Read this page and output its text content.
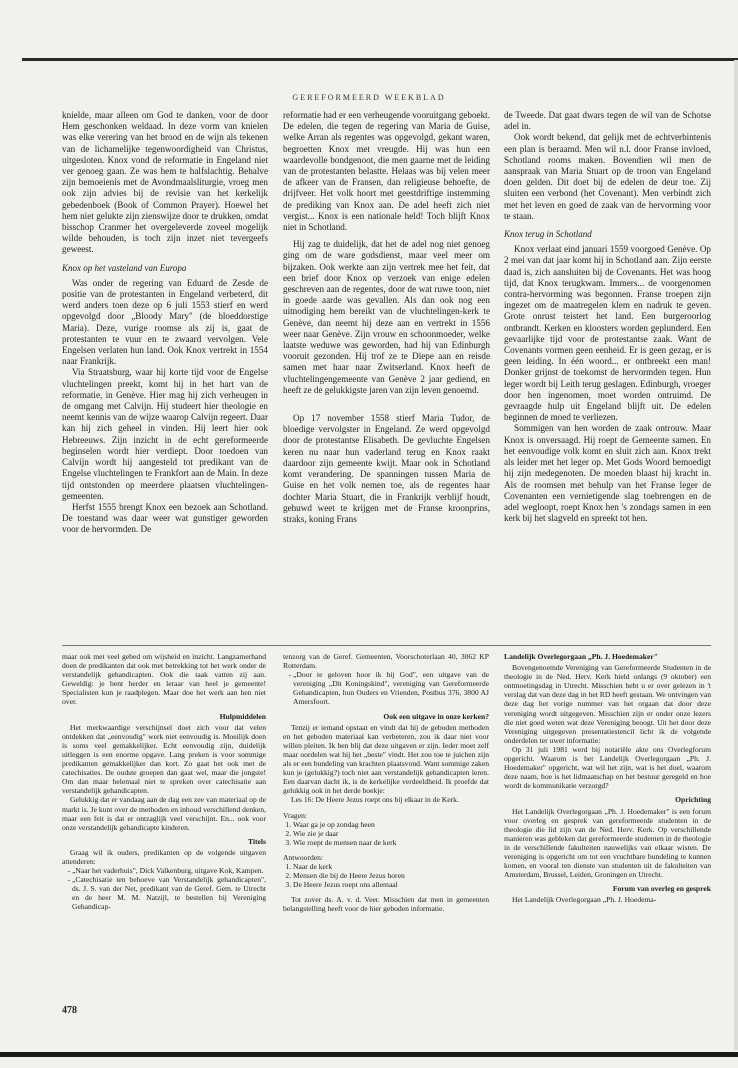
GEREFORMEERD WEEKBLAD

knielde, maar alleen om God te danken, voor de door Hem geschonken weldaad. In deze vorm van knielen was elke verering van het brood en de wijn als tekenen van de lichamelijke tegenwoordigheid van Christus, uitgesloten. Knox vond de reformatie in Engeland niet ver genoeg gaan. Ze was hem te halfslachtig. Behalve zijn bemoeienis met de Avondmaalsliturgie, vroeg men ook zijn advies bij de revisie van het kerkelijk gebedenboek (Book of Common Prayer). Hoewel het hem niet gelukte zijn zienswijze door te drukken, omdat bisschop Cranmer het overgeleverde zoveel mogelijk wilde behouden, is toch zijn inzet niet tevergeefs geweest.

Knox op het vasteland van Europa

Was onder de regering van Eduard de Zesde de positie van de protestanten in Engeland verbeterd, dit werd anders toen deze op 6 juli 1553 stierf en werd opgevolgd door „Bloody Mary" (de bloeddorstige Maria). Deze, vurige roomse als zij is, gaat de protestanten te vuur en te zwaard vervolgen. Vele Engelsen verlaten hun land. Ook Knox vertrekt in 1554 naar Frankrijk.

Via Straatsburg, waar hij korte tijd voor de Engelse vluchtelingen preekt, komt hij in het hart van de reformatie, in Genève. Hier mag hij zich verheugen in de omgang met Calvijn. Hij studeert hier theologie en neemt kennis van de wijze waarop Calvijn regeert. Daar kan hij zich geheel in vinden. Hij leert hier ook Hebreeuws. Zijn inzicht in de echt gereformeerde beginselen wordt hier verdiept. Door toedoen van Calvijn wordt hij aangesteld tot predikant van de Engelse vluchtelingen te Frankfort aan de Main. In deze tijd ontstonden op meerdere plaatsen vluchtelingen-gemeenten.

Herfst 1555 brengt Knox een bezoek aan Schotland. De toestand was daar weer wat gunstiger geworden voor de hervormden. De

reformatie had er een verheugende vooruitgang geboekt. De edelen, die tegen de regering van Maria de Guise, welke Arran als regentes was opgevolgd, gekant waren, begroetten Knox met vreugde. Hij was hun een waardevolle bondgenoot, die men gaarne met de leiding van de protestanten belastte. Helaas was bij velen meer de afkeer van de Fransen, dan religieuse behoefte, de drijfveer. Het volk hoort met geestdriftige instemming de prediking van Knox aan. De adel heeft zich niet vergist... Knox is een nationale held! Toch blijft Knox niet in Schotland.

Hij zag te duidelijk, dat het de adel nog niet genoeg ging om de ware godsdienst, maar veel meer om bijzaken. Ook werkte aan zijn vertrek mee het feit, dat een brief door Knox op verzoek van enige edelen geschreven aan de regentes, door de wat ruwe toon, niet in goede aarde was gevallen. Als dan ook nog een uitnodiging hem bereikt van de vluchtelingen-kerk te Genève, dan neemt hij deze aan en vertrekt in 1556 weer naar Genève. Zijn vrouw en schoonmoeder, welke laatste weduwe was geworden, had hij van Edinburgh vooruit gezonden. Hij trof ze te Diepe aan en reisde samen met haar naar Zwitserland. Knox heeft de vluchtelingengemeente van Genève 2 jaar gediend, en heeft ze de gelukkigste jaren van zijn leven genoemd.

Op 17 november 1558 stierf Maria Tudor, de bloedige vervolgster in Engeland. Ze werd opgevolgd door de protestantse Elisabeth. De gevluchte Engelsen keren nu naar hun vaderland terug en Knox raakt daardoor zijn gemeente kwijt. Maar ook in Schotland komt verandering. De spanningen tussen Maria de Guise en het volk nemen toe, als de regentes haar dochter Maria Stuart, die in Frankrijk verblijf houdt, gehuwd weet te krijgen met de Franse kroonprins, straks, koning Frans

de Tweede. Dat gaat dwars tegen de wil van de Schotse adel in.

Ook wordt bekend, dat gelijk met de echtverbintenis een plan is beraamd. Men wil n.l. door Franse invloed, Schotland rooms maken. Bovendien wil men de aanspraak van Maria Stuart op de troon van Engeland doen gelden. Dit doet bij de edelen de deur toe. Zij sluiten een verbond (het Covenant). Men verbindt zich met het leven en goed de zaak van de hervorming voor te staan.

Knox terug in Schotland

Knox verlaat eind januari 1559 voorgoed Genève. Op 2 mei van dat jaar komt hij in Schotland aan. Zijn eerste daad is, zich aansluiten bij de Covenants. Het was hoog tijd, dat Knox terugkwam. Immers... de voorgenomen contra-hervorming was begonnen. Franse troepen zijn ingezet om de maatregelen klem en nadruk te geven. Grote onrust teistert het land. Een burgeroorlog ontbrandt. Kerken en kloosters worden geplunderd. Een gevaarlijke tijd voor de protestantse zaak. Want de Covenants vormen geen eenheid. Er is geen gezag, er is geen leiding. In één woord... er ontbreekt een man! Donker grijnst de toekomst de hervormden tegen. Hun leger wordt bij Leith terug geslagen. Edinburgh, vroeger door hen ingenomen, moet worden ontruimd. De gevraagde hulp uit Engeland blijft uit. De edelen beginnen de moed te verliezen.

Sommigen van hen worden de zaak ontrouw. Maar Knox is onversaagd. Hij roept de Gemeente samen. En het eenvoudige volk komt en sluit zich aan. Knox trekt als leider met het leger op. Met Gods Woord bemoedigt hij zijn medegenoten. De moeden blaast hij kracht in. Als de roomsen met behulp van het Franse leger de Covenanten een vernietigende slag toebrengen en de adel wegloopt, roept Knox hen 's zondags samen in een kerk bij het slagveld en spreekt tot hen.

maar ook met veel gebed om wijsheid en inzicht. Langzamerhand doen de predikanten dat ook met betrekking tot het werk onder de verstandelijk gehandicapten. Ook die taak vatten zij aan. Geweldig: je bent herder en leraar van heel je gemeente! Specialisten kun je raadplegen. Maar doe het werk aan hen niet over.

Hulpmiddelen

Het merkwaardige verschijnsel doet zich voor dat velen ontdekken dat „eenvoudig" werk niet eenvoudig is. Moeilijk doen is soms veel gemakkelijker. Echt eenvoudig zijn, duidelijk uitleggen is een enorme opgave. Lang preken is voor sommige predikanten gemakkelijker dan kort. Zo gaat het ook met de catechisaties. De oudste groepen dan gaat wel, maar die jongste! Om dan maar helemaal niet te spreken over catechisatie aan verstandelijk gehandicapten.

Gelukkig dat er vandaag aan de dag een zee van materiaal op de markt is. Je kunt over de methoden en inhoud verschillend denken, maar een feit is dat er ontzaglijk veel verschijnt. En... ook voor onze verstandelijk gehandicapte kinderen.

Titels

Graag wil ik ouders, predikanten op de volgende uitgaven attenderen:

- „Naar het vaderhuis", Dick Valkenburg, uitgave Kok, Kampen.
- „Catechisatie ten behoeve van Verstandelijk gehandicapten", ds. J. S. van der Net, predikant van de Geref. Gem. te Utrecht en de heer M. M. Natzijl, te bestellen bij Vereniging Gehandicap-

tenzorg van de Geref. Gemeenten, Voorschoterlaan 40, 3062 KP Rotterdam.

- „Door te geloven hoor ik bij God", een uitgave van de vereniging „Dit Koningskind", vereniging van Gereformeerde Gehandicapten, hun Ouders en Vrienden, Postbus 376, 3800 AJ Amersfoort.
Ook een uitgave in onze kerken?

Tenzij er iemand opstaat en vindt dat hij de geboden methoden en het geboden materiaal kan verbeteren, zou ik daar niet voor willen pleiten. Ik ben blij dat deze uitgaven er zijn. Ieder moet zelf maar oordelen wat hij het „beste" vindt. Het zou toe te juichen zijn als er een bundeling van krachten plaatsvond. Want sommige zaken kun je (gelukkig?) toch niet aan verstandelijk gehandicapten leren. Een daarvan dacht ik, is de kerkelijke verdeeldheid. Ik proefde dat gelukkig ook in het derde boekje:

Les 16: De Heere Jezus roept ons bij elkaar in de Kerk.

Vragen:

1. Waar ga je op zondag heen
2. Wie zie je daar
3. Wie roept de mensen naar de kerk

Antwoorden:

1. Naar de kerk
2. Mensen die bij de Heere Jezus horen
3. De Heere Jezus roept ons allemaal

Tot zover ds. A. v. d. Veer. Misschien dat men in gemeenten belangstelling heeft voor de hier geboden informatie.

Landelijk Overlegorgaan „Ph. J. Hoedemaker"

Bovengenoemde Vereniging van Gereformeerde Studenten in de theologie in de Ned. Herv. Kerk hield onlangs (9 oktober) een ontmoetingsdag in Utrecht. Misschien hebt u er over gelezen in 't verslag dat van deze dag in het RD heeft gestaan. We ontvingen van deze dag het vorige nummer van het orgaan dat door deze vereniging wordt uitgegeven. Misschien zijn er onder onze lezers die niet goed weten wat deze Vereniging beoogt. Uit het door deze Vereniging uitgegeven presentatiestencil licht ik de volgende onderdelen ter uwer informatie:

Op 31 juli 1981 werd bij notariële akte ons Overlegforum opgericht. Waarom is het Landelijk Overlegorgaan „Ph. J. Hoedemaker" opgericht, wat wil het zijn, wat is het doel, waarom deze naam, hoe is het lidmaatschap en het bestuur geregeld en hoe wordt de kommunikatie verzorgd?

Oprichting

Het Landelijk Overlegorgaan „Ph. J. Hoedemaker" is een forum voor overleg en gesprek van gereformeerde studenten in de theologie die lid zijn van de Ned. Herv. Kerk. Op verschillende manieren was gebleken dat gereformeerde studenten in de theologie in de verschillende fakulteiten nauwelijks van elkaar wisten. De vereniging is opgericht om tot een vruchtbare bundeling te kunnen komen, en vooral ten dienste van studenten uit de fakulteiten van Amsterdam, Brussel, Leiden, Groningen en Utrecht.

Forum van overleg en gesprek

Het Landelijk Overlegorgaan „Ph. J. Hoedema-

478
